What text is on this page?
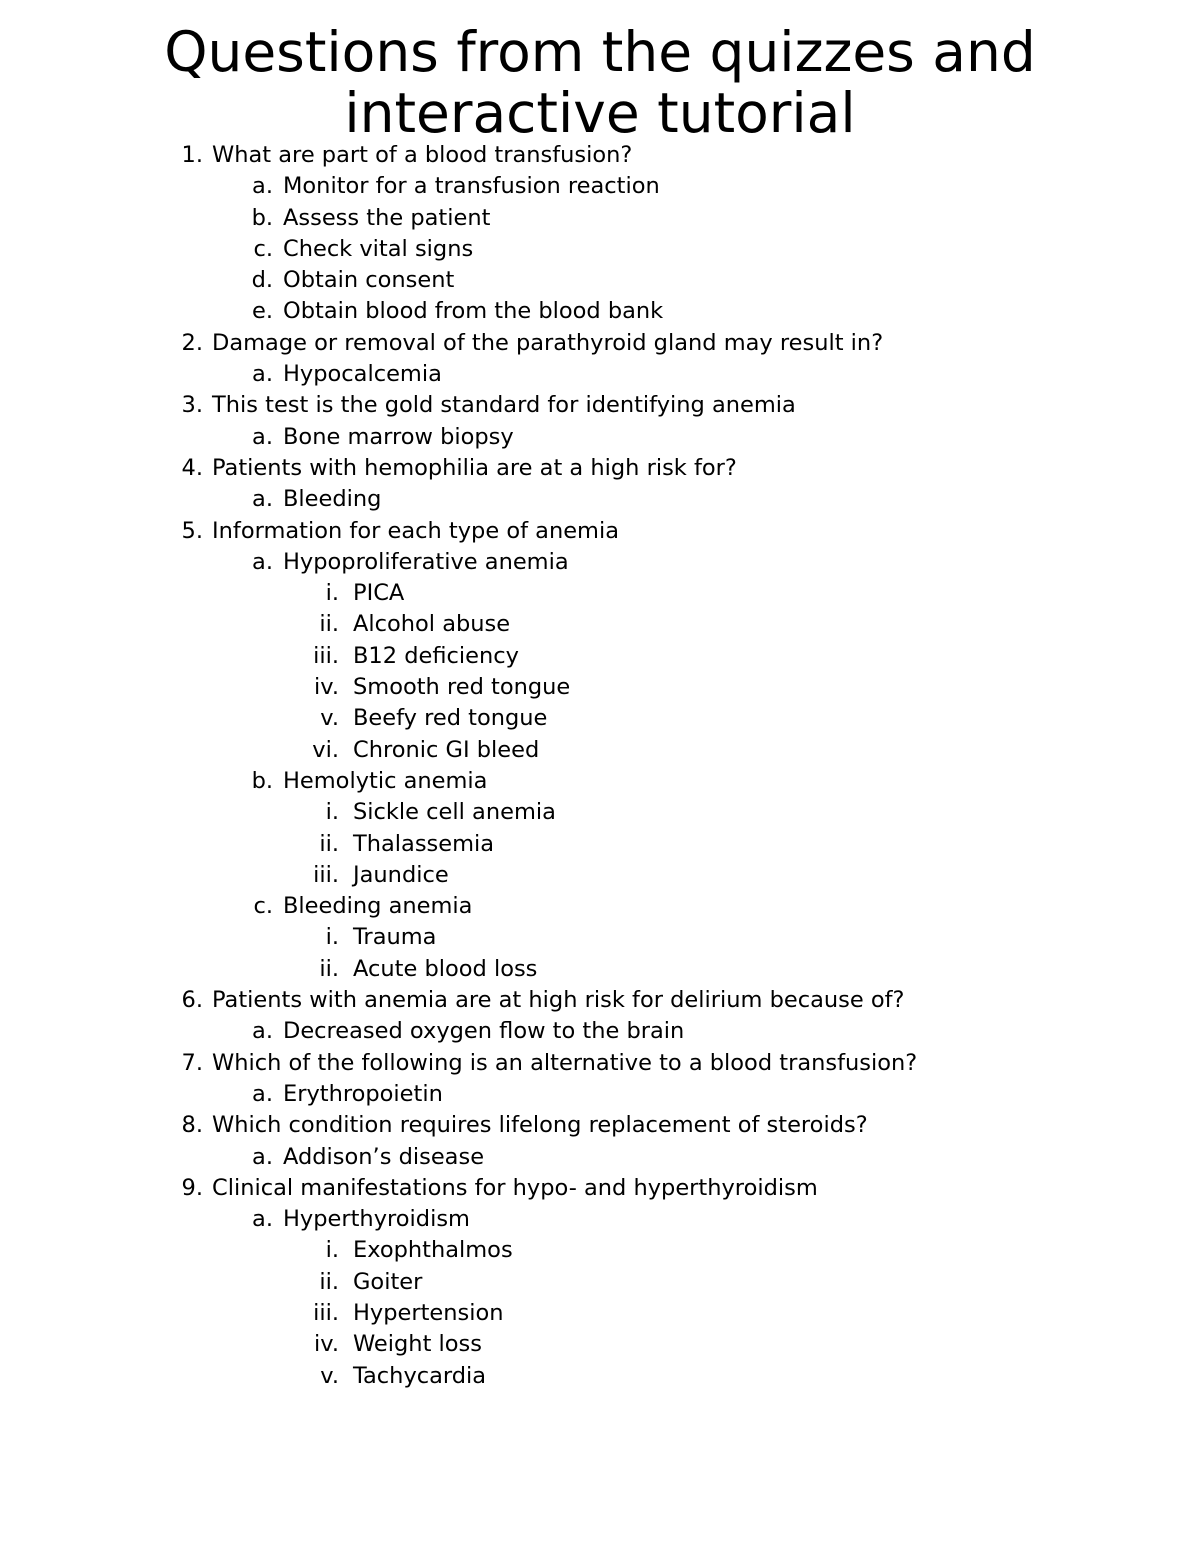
Questions from the quizzes and
interactive tutorial
1. What are part of a blood transfusion?
a. Monitor for a transfusion reaction
b. Assess the patient
c. Check vital signs
d. Obtain consent
e. Obtain blood from the blood bank
2. Damage or removal of the parathyroid gland may result in?
a. Hypocalcemia
3. This test is the gold standard for identifying anemia
a. Bone marrow biopsy
4. Patients with hemophilia are at a high risk for?
a. Bleeding
5. Information for each type of anemia
a. Hypoproliferative anemia
i. PICA
ii. Alcohol abuse
iii. B12 deficiency
iv. Smooth red tongue
v. Beefy red tongue
vi. Chronic GI bleed
b. Hemolytic anemia
i. Sickle cell anemia
ii. Thalassemia
iii. Jaundice
c. Bleeding anemia
i. Trauma
ii. Acute blood loss
6. Patients with anemia are at high risk for delirium because of?
a. Decreased oxygen flow to the brain
7. Which of the following is an alternative to a blood transfusion?
a. Erythropoietin
8. Which condition requires lifelong replacement of steroids?
a. Addison’s disease
9. Clinical manifestations for hypo- and hyperthyroidism
a. Hyperthyroidism
i. Exophthalmos
ii. Goiter
iii. Hypertension
iv. Weight loss
v. Tachycardia
